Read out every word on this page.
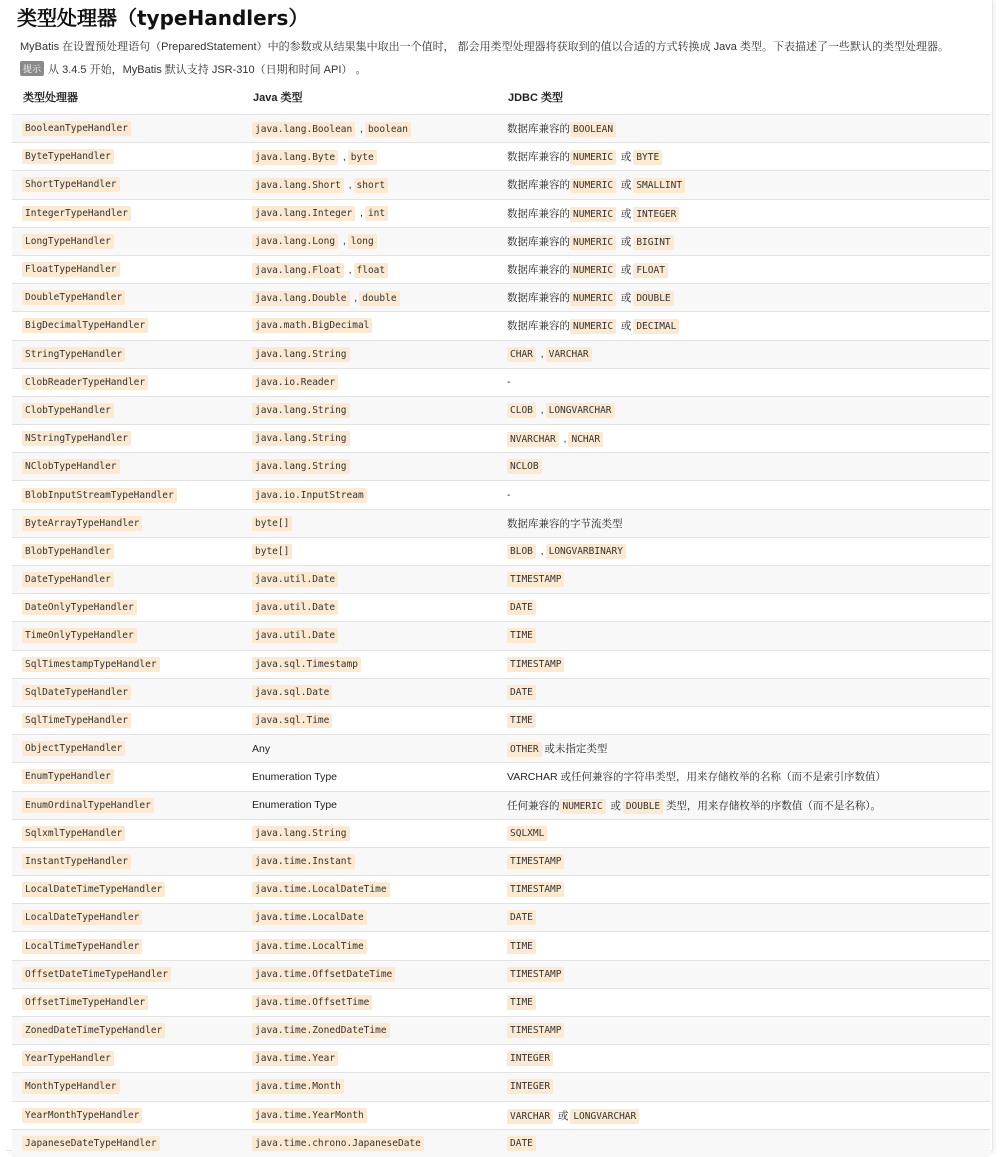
类型处理器（typeHandlers）

MyBatis 在设置预处理语句（PreparedStatement）中的参数或从结果集中取出一个值时， 都会用类型处理器将获取到的值以合适的方式转换成 Java 类型。下表描述了一些默认的类型处理器。

提示 从 3.4.5 开始，MyBatis 默认支持 JSR-310（日期和时间 API） 。
类型处理器	Java 类型	JDBC 类型
BooleanTypeHandler	java.lang.Boolean , boolean	数据库兼容的 BOOLEAN
ByteTypeHandler	java.lang.Byte , byte	数据库兼容的 NUMERIC 或 BYTE
ShortTypeHandler	java.lang.Short , short	数据库兼容的 NUMERIC 或 SMALLINT
IntegerTypeHandler	java.lang.Integer , int	数据库兼容的 NUMERIC 或 INTEGER
LongTypeHandler	java.lang.Long , long	数据库兼容的 NUMERIC 或 BIGINT
FloatTypeHandler	java.lang.Float , float	数据库兼容的 NUMERIC 或 FLOAT
DoubleTypeHandler	java.lang.Double , double	数据库兼容的 NUMERIC 或 DOUBLE
BigDecimalTypeHandler	java.math.BigDecimal	数据库兼容的 NUMERIC 或 DECIMAL
StringTypeHandler	java.lang.String	CHAR , VARCHAR
ClobReaderTypeHandler	java.io.Reader	-
ClobTypeHandler	java.lang.String	CLOB , LONGVARCHAR
NStringTypeHandler	java.lang.String	NVARCHAR , NCHAR
NClobTypeHandler	java.lang.String	NCLOB
BlobInputStreamTypeHandler	java.io.InputStream	-
ByteArrayTypeHandler	byte[]	数据库兼容的字节流类型
BlobTypeHandler	byte[]	BLOB , LONGVARBINARY
DateTypeHandler	java.util.Date	TIMESTAMP
DateOnlyTypeHandler	java.util.Date	DATE
TimeOnlyTypeHandler	java.util.Date	TIME
SqlTimestampTypeHandler	java.sql.Timestamp	TIMESTAMP
SqlDateTypeHandler	java.sql.Date	DATE
SqlTimeTypeHandler	java.sql.Time	TIME
ObjectTypeHandler	Any	OTHER 或未指定类型
EnumTypeHandler	Enumeration Type	VARCHAR 或任何兼容的字符串类型，用来存储枚举的名称（而不是索引序数值）
EnumOrdinalTypeHandler	Enumeration Type	任何兼容的 NUMERIC 或 DOUBLE 类型，用来存储枚举的序数值（而不是名称）。
SqlxmlTypeHandler	java.lang.String	SQLXML
InstantTypeHandler	java.time.Instant	TIMESTAMP
LocalDateTimeTypeHandler	java.time.LocalDateTime	TIMESTAMP
LocalDateTypeHandler	java.time.LocalDate	DATE
LocalTimeTypeHandler	java.time.LocalTime	TIME
OffsetDateTimeTypeHandler	java.time.OffsetDateTime	TIMESTAMP
OffsetTimeTypeHandler	java.time.OffsetTime	TIME
ZonedDateTimeTypeHandler	java.time.ZonedDateTime	TIMESTAMP
YearTypeHandler	java.time.Year	INTEGER
MonthTypeHandler	java.time.Month	INTEGER
YearMonthTypeHandler	java.time.YearMonth	VARCHAR 或 LONGVARCHAR
JapaneseDateTypeHandler	java.time.chrono.JapaneseDate	DATE
